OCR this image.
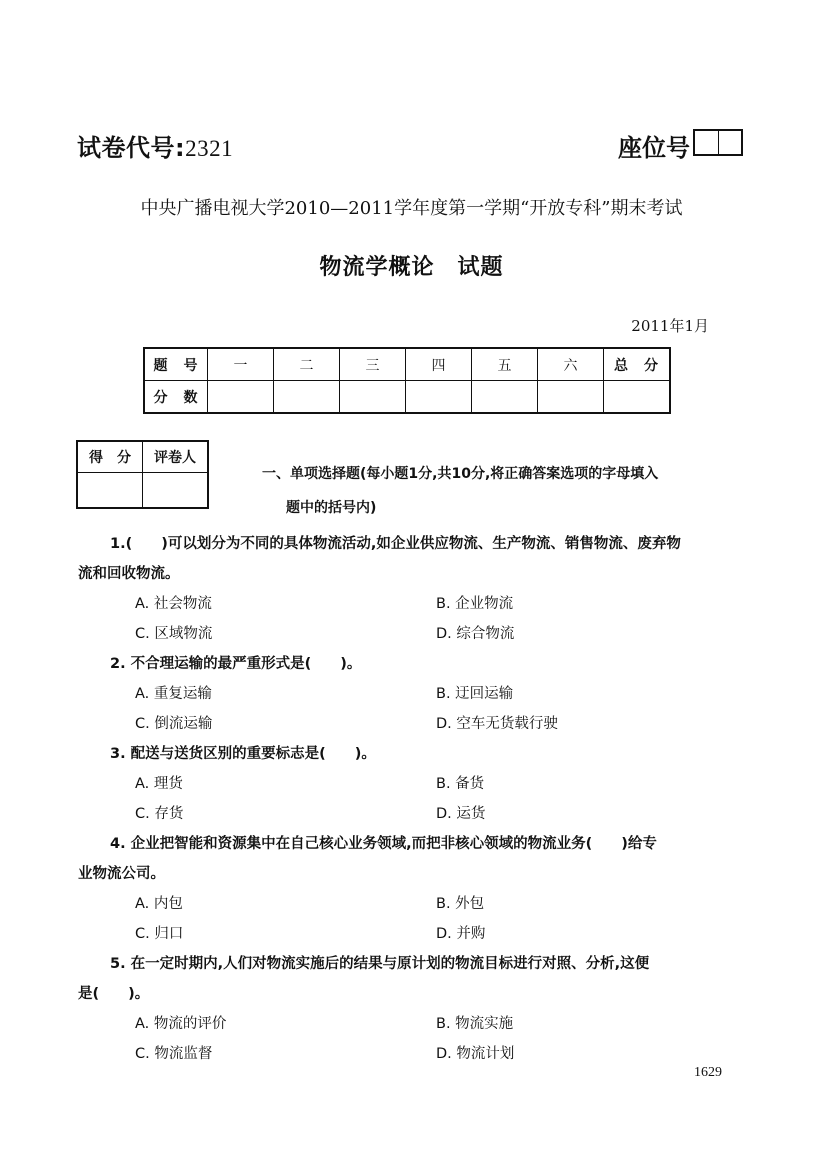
试卷代号:2321	座位号
中央广播电视大学2010—2011学年度第一学期“开放专科”期末考试
物流学概论　试题
2011年1月
题　号	一	二	三	四	五	六	总　分
分　数							
得　分	评卷人

一、单项选择题(每小题1分,共10分,将正确答案选项的字母填入
题中的括号内)
1.(　　)可以划分为不同的具体物流活动,如企业供应物流、生产物流、销售物流、废弃物
流和回收物流。
A. 社会物流	B. 企业物流
C. 区域物流	D. 综合物流
2. 不合理运输的最严重形式是(　　)。
A. 重复运输	B. 迂回运输
C. 倒流运输	D. 空车无货载行驶
3. 配送与送货区别的重要标志是(　　)。
A. 理货	B. 备货
C. 存货	D. 运货
4. 企业把智能和资源集中在自己核心业务领域,而把非核心领域的物流业务(　　)给专
业物流公司。
A. 内包	B. 外包
C. 归口	D. 并购
5. 在一定时期内,人们对物流实施后的结果与原计划的物流目标进行对照、分析,这便
是(　　)。
A. 物流的评价	B. 物流实施
C. 物流监督	D. 物流计划
1629
